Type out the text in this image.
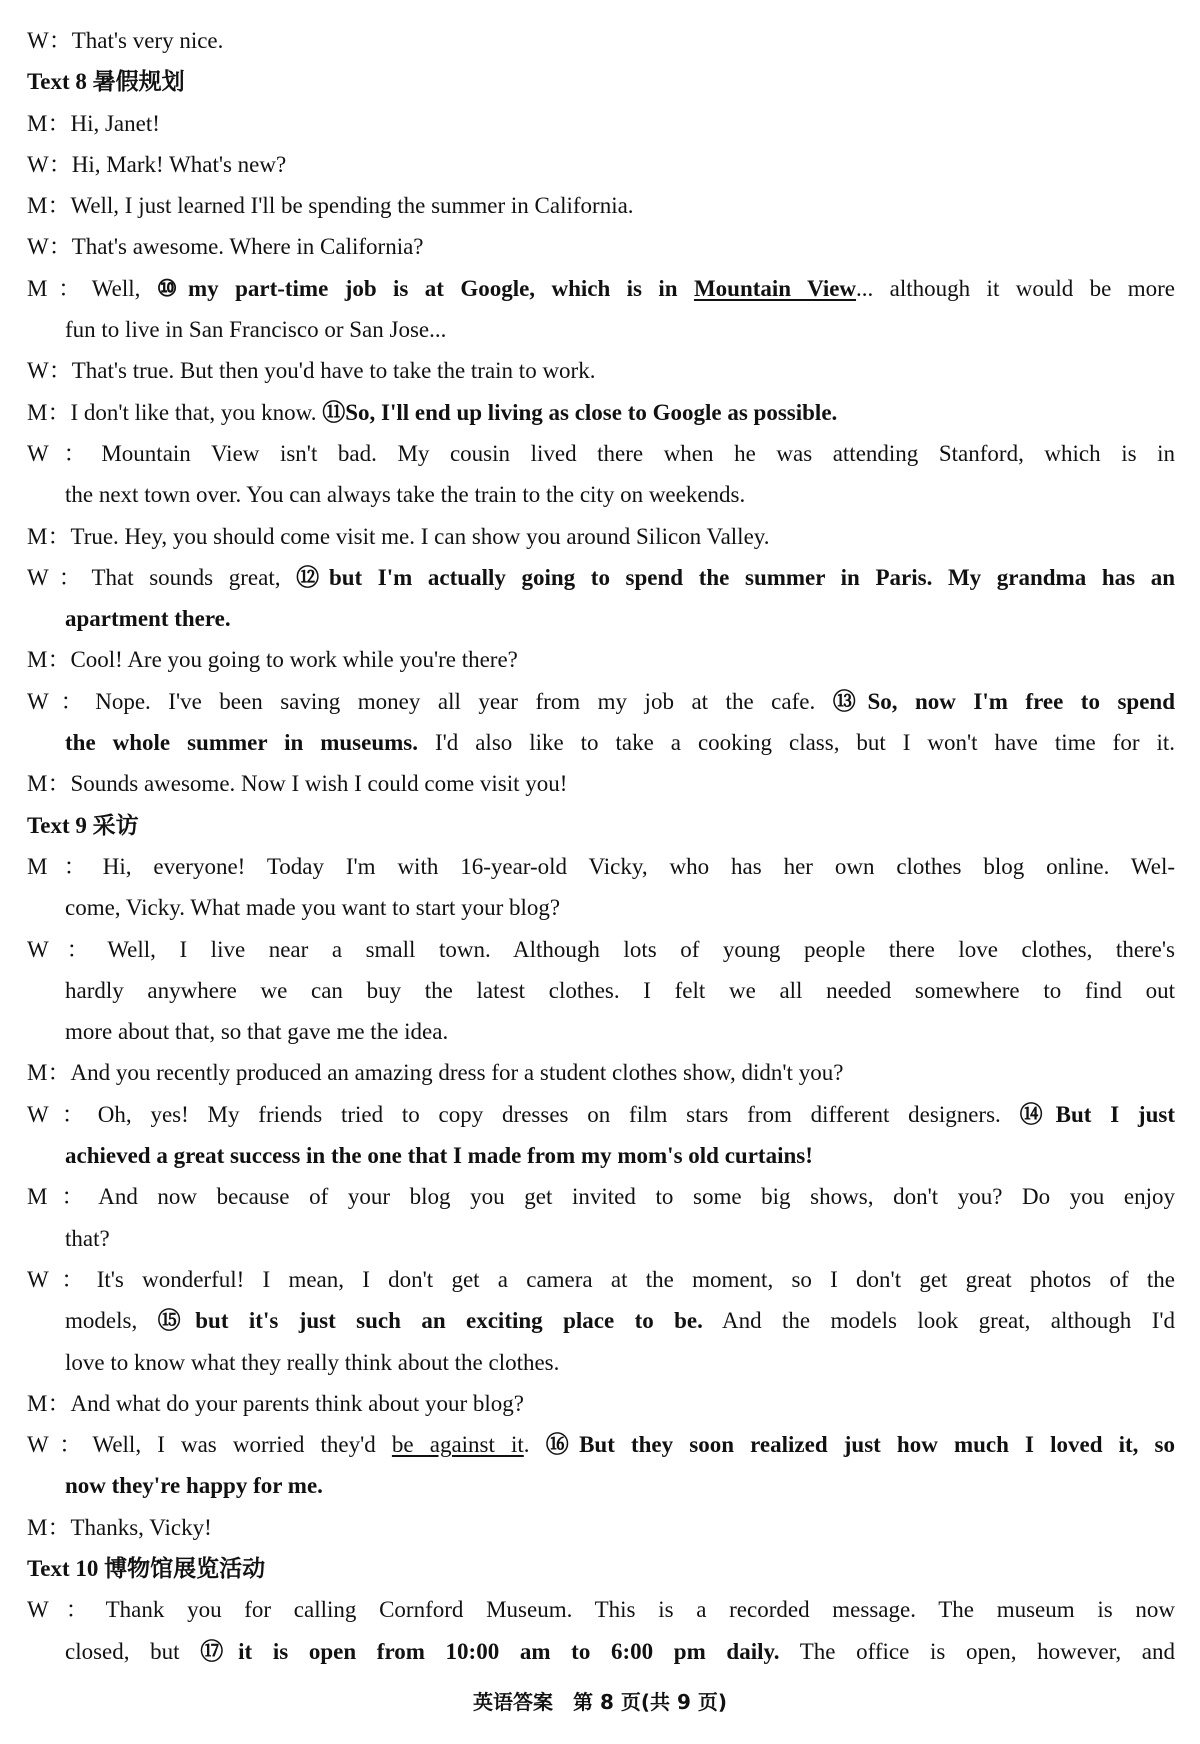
W：That's very nice.
Text 8 暑假规划
M：Hi, Janet!
W：Hi, Mark! What's new?
M：Well, I just learned I'll be spending the summer in California.
W：That's awesome. Where in California?
M：Well, ⑩my part-time job is at Google, which is in Mountain View... although it would be more
fun to live in San Francisco or San Jose...
W：That's true. But then you'd have to take the train to work.
M：I don't like that, you know. ⑪So, I'll end up living as close to Google as possible.
W：Mountain View isn't bad. My cousin lived there when he was attending Stanford, which is in
the next town over. You can always take the train to the city on weekends.
M：True. Hey, you should come visit me. I can show you around Silicon Valley.
W：That sounds great, ⑫but I'm actually going to spend the summer in Paris. My grandma has an
apartment there.
M：Cool! Are you going to work while you're there?
W：Nope. I've been saving money all year from my job at the cafe. ⑬So, now I'm free to spend
the whole summer in museums. I'd also like to take a cooking class, but I won't have time for it.
M：Sounds awesome. Now I wish I could come visit you!
Text 9 采访
M：Hi, everyone! Today I'm with 16-year-old Vicky, who has her own clothes blog online. Wel-
come, Vicky. What made you want to start your blog?
W：Well, I live near a small town. Although lots of young people there love clothes, there's
hardly anywhere we can buy the latest clothes. I felt we all needed somewhere to find out
more about that, so that gave me the idea.
M：And you recently produced an amazing dress for a student clothes show, didn't you?
W：Oh, yes! My friends tried to copy dresses on film stars from different designers. ⑭But I just
achieved a great success in the one that I made from my mom's old curtains!
M：And now because of your blog you get invited to some big shows, don't you? Do you enjoy
that?
W：It's wonderful! I mean, I don't get a camera at the moment, so I don't get great photos of the
models, ⑮but it's just such an exciting place to be. And the models look great, although I'd
love to know what they really think about the clothes.
M：And what do your parents think about your blog?
W：Well, I was worried they'd be against it. ⑯But they soon realized just how much I loved it, so
now they're happy for me.
M：Thanks, Vicky!
Text 10 博物馆展览活动
W：Thank you for calling Cornford Museum. This is a recorded message. The museum is now
closed, but ⑰it is open from 10:00 am to 6:00 pm daily. The office is open, however, and
英语答案　第 8 页(共 9 页)
